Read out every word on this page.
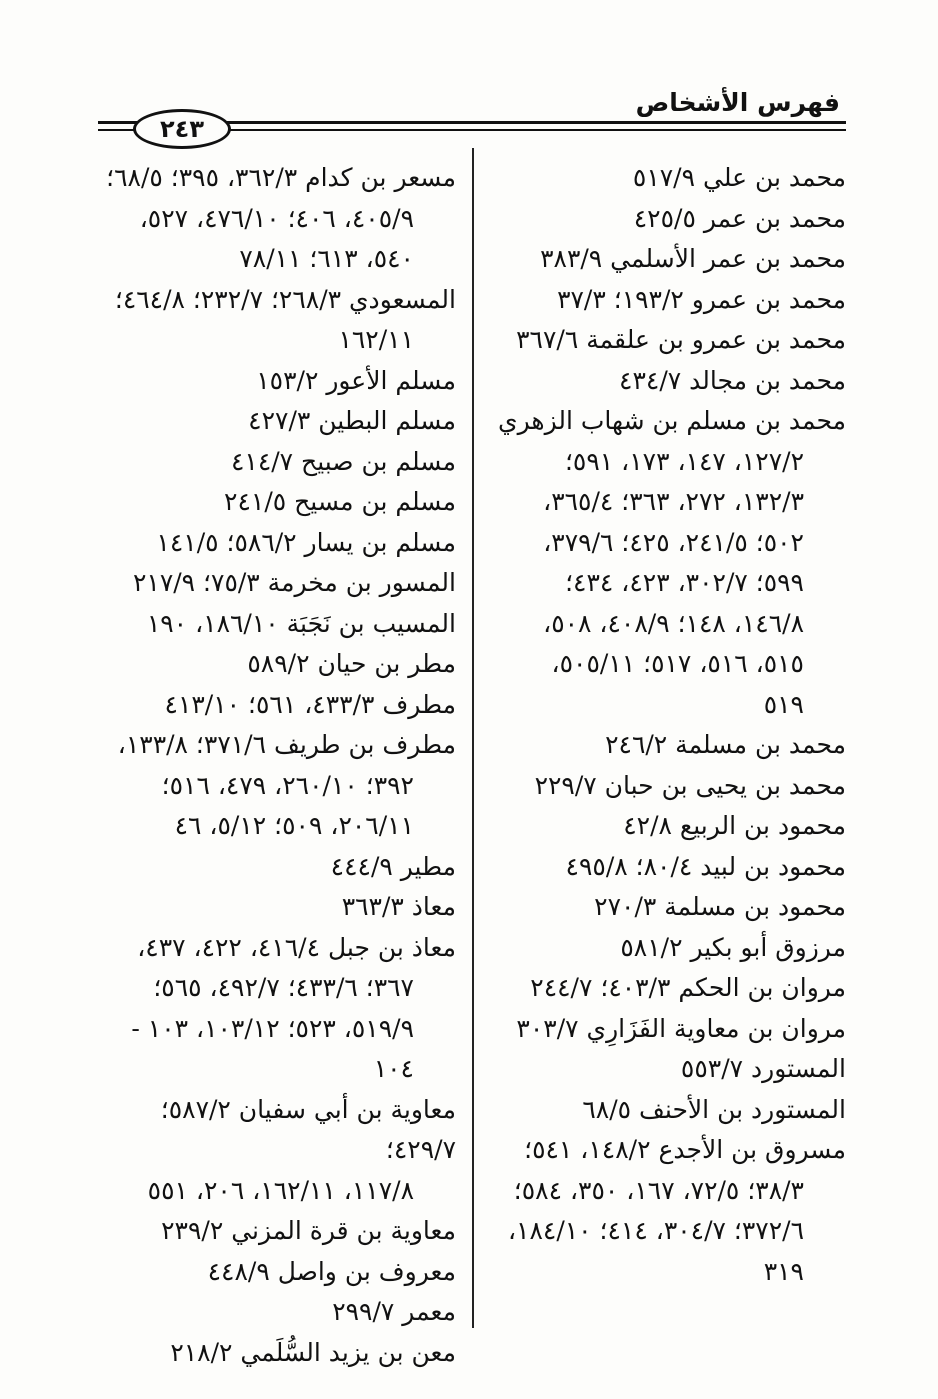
فهرس الأشخاص
٢٤٣
محمد بن علي ٥١٧/٩
محمد بن عمر ٤٢٥/٥
محمد بن عمر الأسلمي ٣٨٣/٩
محمد بن عمرو ١٩٣/٢؛ ٣٧/٣
محمد بن عمرو بن علقمة ٣٦٧/٦
محمد بن مجالد ٤٣٤/٧
محمد بن مسلم بن شهاب الزهري
١٢٧/٢، ١٤٧، ١٧٣، ٥٩١؛
١٣٢/٣، ٢٧٢، ٣٦٣؛ ٣٦٥/٤،
٥٠٢؛ ٢٤١/٥، ٤٢٥؛ ٣٧٩/٦،
٥٩٩؛ ٣٠٢/٧، ٤٢٣، ٤٣٤؛
١٤٦/٨، ١٤٨؛ ٤٠٨/٩، ٥٠٨،
٥١٥، ٥١٦، ٥١٧؛ ٥٠٥/١١،
٥١٩
محمد بن مسلمة ٢٤٦/٢
محمد بن يحيى بن حبان ٢٢٩/٧
محمود بن الربيع ٤٢/٨
محمود بن لبيد ٨٠/٤؛ ٤٩٥/٨
محمود بن مسلمة ٢٧٠/٣
مرزوق أبو بكير ٥٨١/٢
مروان بن الحكم ٤٠٣/٣؛ ٢٤٤/٧
مروان بن معاوية الفَزَارِي ٣٠٣/٧
المستورد ٥٥٣/٧
المستورد بن الأحنف ٦٨/٥
مسروق بن الأجدع ١٤٨/٢، ٥٤١؛
٣٨/٣؛ ٧٢/٥، ١٦٧، ٣٥٠، ٥٨٤؛
٣٧٢/٦؛ ٣٠٤/٧، ٤١٤؛ ١٨٤/١٠،
٣١٩
مسعر بن كدام ٣٦٢/٣، ٣٩٥؛ ٦٨/٥؛
٤٠٥/٩، ٤٠٦؛ ٤٧٦/١٠، ٥٢٧،
٥٤٠، ٦١٣؛ ٧٨/١١
المسعودي ٢٦٨/٣؛ ٢٣٢/٧؛ ٤٦٤/٨؛
١٦٢/١١
مسلم الأعور ١٥٣/٢
مسلم البطين ٤٢٧/٣
مسلم بن صبيح ٤١٤/٧
مسلم بن مسيح ٢٤١/٥
مسلم بن يسار ٥٨٦/٢؛ ١٤١/٥
المسور بن مخرمة ٧٥/٣؛ ٢١٧/٩
المسيب بن نَجَبَة ١٨٦/١٠، ١٩٠
مطر بن حيان ٥٨٩/٢
مطرف ٤٣٣/٣، ٥٦١؛ ٤١٣/١٠
مطرف بن طريف ٣٧١/٦؛ ١٣٣/٨،
٣٩٢؛ ٢٦٠/١٠، ٤٧٩، ٥١٦؛
٢٠٦/١١، ٥٠٩؛ ٥/١٢، ٤٦
مطير ٤٤٤/٩
معاذ ٣٦٣/٣
معاذ بن جبل ٤١٦/٤، ٤٢٢، ٤٣٧،
٣٦٧؛ ٤٣٣/٦؛ ٤٩٢/٧، ٥٦٥؛
٥١٩/٩، ٥٢٣؛ ١٠٣/١٢، ١٠٣ -
١٠٤
معاوية بن أبي سفيان ٥٨٧/٢؛ ٤٢٩/٧؛
١١٧/٨، ١٦٢/١١، ٢٠٦، ٥٥١
معاوية بن قرة المزني ٢٣٩/٢
معروف بن واصل ٤٤٨/٩
معمر ٢٩٩/٧
معن بن يزيد السُّلَمي ٢١٨/٢
